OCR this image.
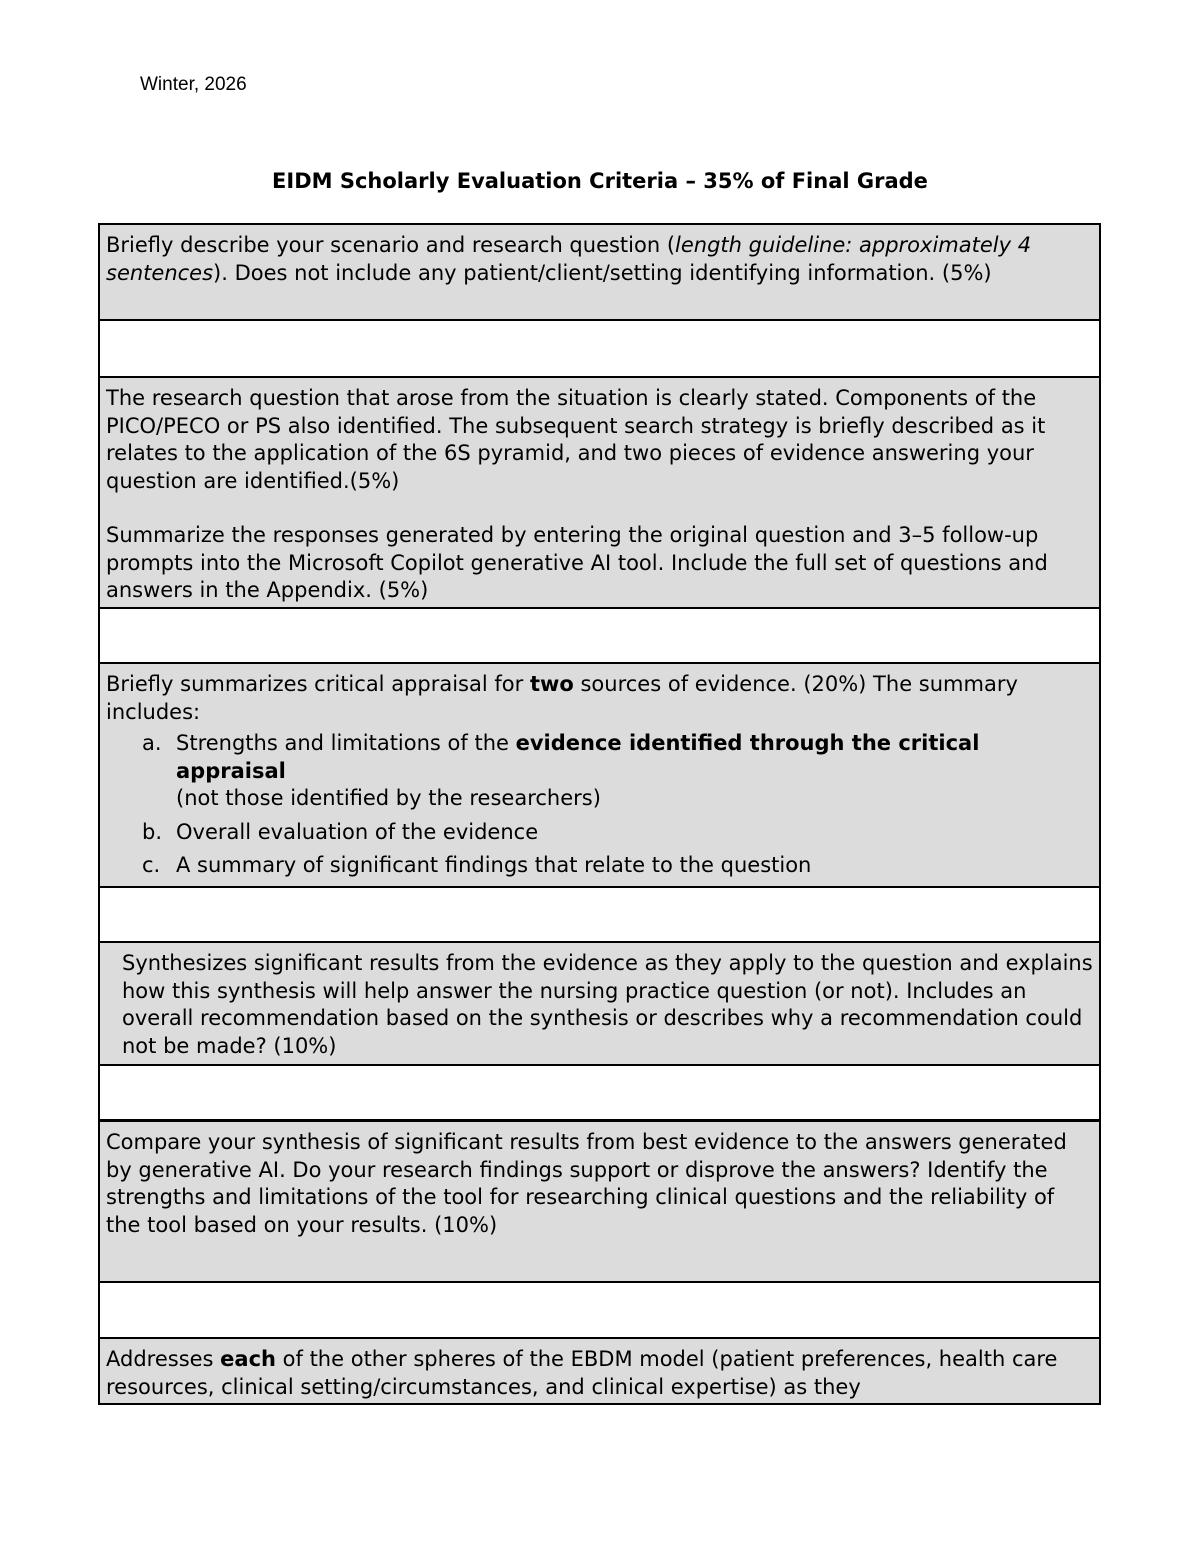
Winter, 2026
EIDM Scholarly Evaluation Criteria – 35% of Final Grade
Briefly describe your scenario and research question (length guideline: approximately 4 sentences). Does not include any patient/client/setting identifying information. (5%)

The research question that arose from the situation is clearly stated. Components of the PICO/PECO or PS also identified. The subsequent search strategy is briefly described as it relates to the application of the 6S pyramid, and two pieces of evidence answering your question are identified.(5%)

Summarize the responses generated by entering the original question and 3–5 follow-up prompts into the Microsoft Copilot generative AI tool. Include the full set of questions and answers in the Appendix. (5%)

Briefly summarizes critical appraisal for two sources of evidence. (20%) The summary includes:
a. Strengths and limitations of the evidence identified through the critical appraisal
(not those identified by the researchers)
b. Overall evaluation of the evidence
c. A summary of significant findings that relate to the question
Synthesizes significant results from the evidence as they apply to the question and explains how this synthesis will help answer the nursing practice question (or not). Includes an overall recommendation based on the synthesis or describes why a recommendation could not be made? (10%)
Compare your synthesis of significant results from best evidence to the answers generated by generative AI. Do your research findings support or disprove the answers? Identify the strengths and limitations of the tool for researching clinical questions and the reliability of the tool based on your results. (10%)
Addresses each of the other spheres of the EBDM model (patient preferences, health care resources, clinical setting/circumstances, and clinical expertise) as they
